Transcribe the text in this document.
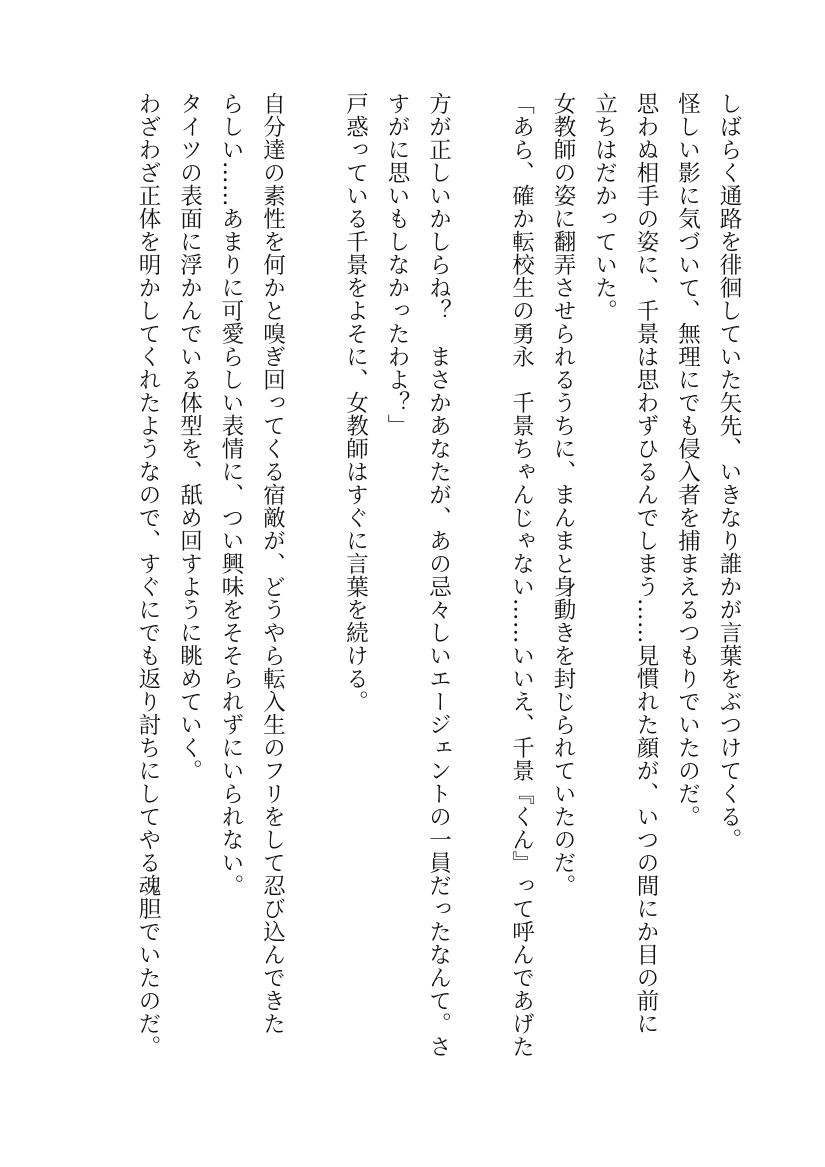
しばらく通路を徘徊していた矢先、いきなり誰かが言葉をぶつけてくる。

怪しい影に気づいて、無理にでも侵入者を捕まえるつもりでいたのだ。

思わぬ相手の姿に、千景は思わずひるんでしまう……見慣れた顔が、いつの間にか目の前に

立ちはだかっていた。

女教師の姿に翻弄させられるうちに、まんまと身動きを封じられていたのだ。

「あら、確か転校生の勇永　千景ちゃんじゃない……いいえ、千景『くん』って呼んであげた

方が正しいかしらね？　まさかあなたが、あの忌々しいエージェントの一員だったなんて。さ

すがに思いもしなかったわよ？」

戸惑っている千景をよそに、女教師はすぐに言葉を続ける。

自分達の素性を何かと嗅ぎ回ってくる宿敵が、どうやら転入生のフリをして忍び込んできた

らしい……あまりに可愛らしい表情に、つい興味をそそられずにいられない。

タイツの表面に浮かんでいる体型を、舐め回すように眺めていく。

わざわざ正体を明かしてくれたようなので、すぐにでも返り討ちにしてやる魂胆でいたのだ。
